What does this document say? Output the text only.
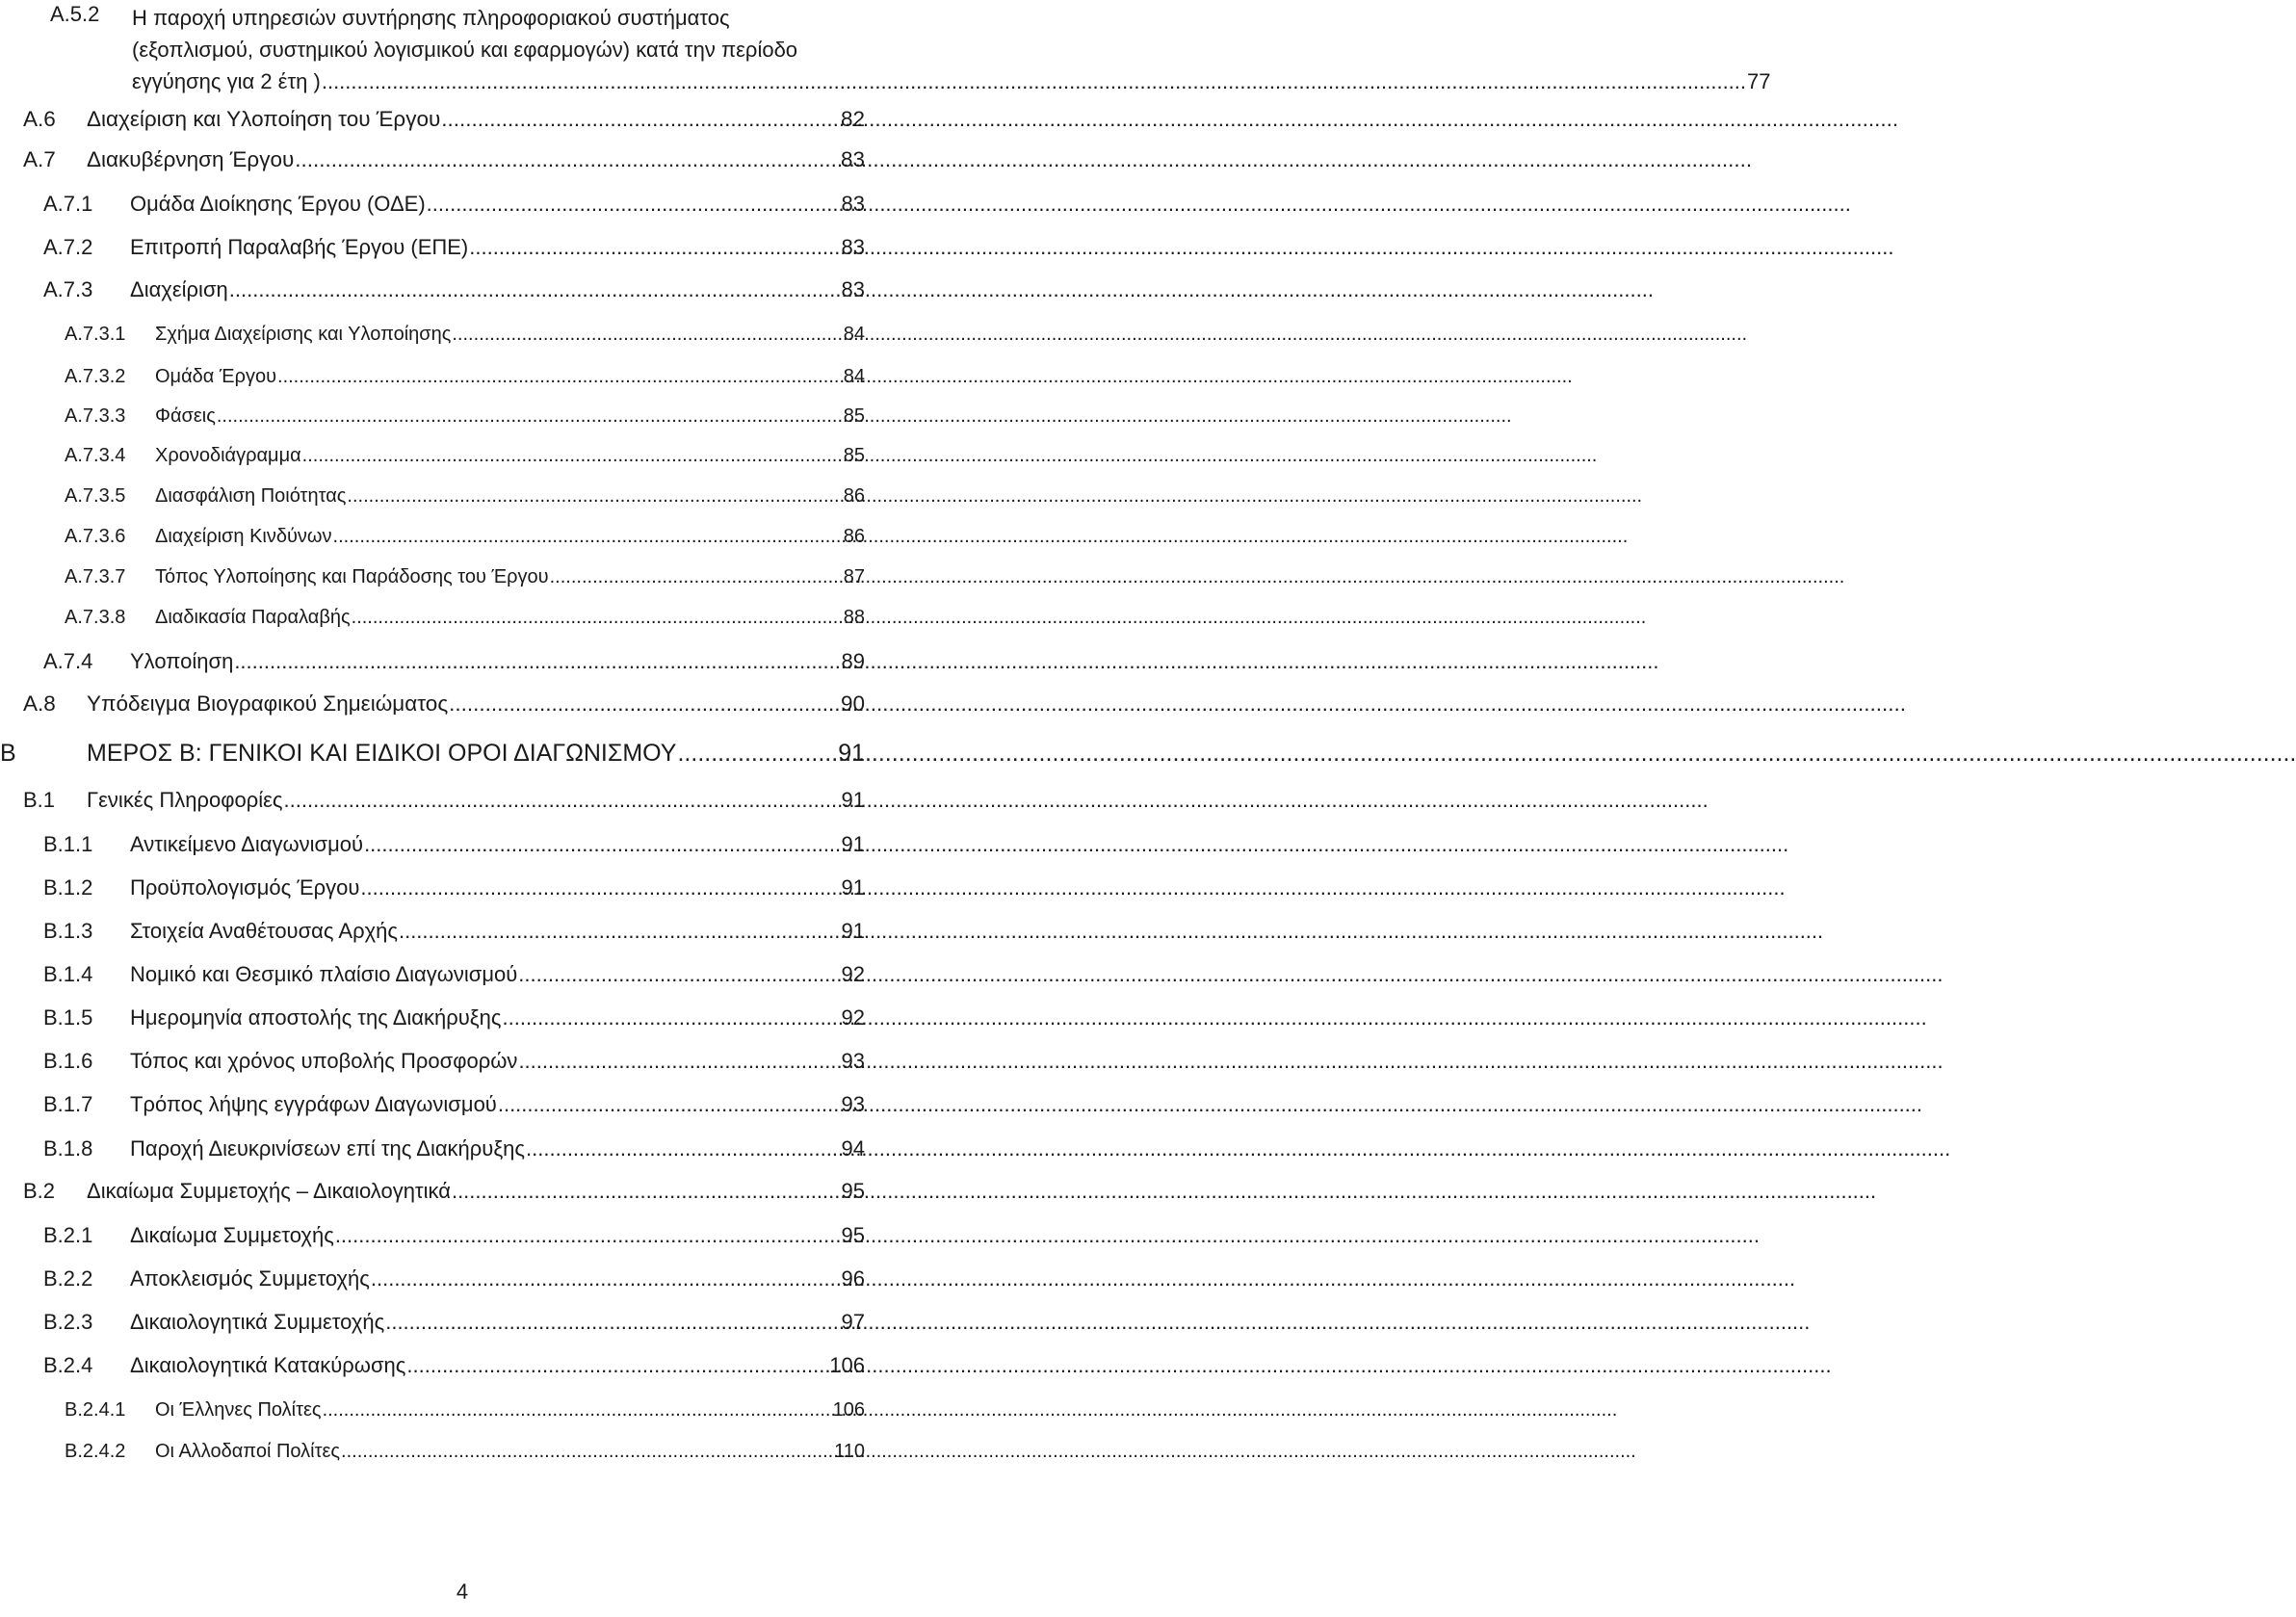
A.5.2	Η παροχή υπηρεσιών συντήρησης πληροφοριακού συστήματος
(εξοπλισμού, συστημικού λογισμικού και εφαρμογών) κατά την περίοδο
εγγύησης για 2 έτη ) .....	77
Α.6	Διαχείριση και Υλοποίηση του Έργου .....	82
Α.7	Διακυβέρνηση Έργου .....	83
Α.7.1	Ομάδα Διοίκησης Έργου (ΟΔΕ) .....	83
Α.7.2	Επιτροπή Παραλαβής Έργου (ΕΠΕ) .....	83
Α.7.3	Διαχείριση .....	83
Α.7.3.1	Σχήμα Διαχείρισης και Υλοποίησης .....	84
Α.7.3.2	Ομάδα Έργου .....	84
Α.7.3.3	Φάσεις .....	85
Α.7.3.4	Χρονοδιάγραμμα .....	85
Α.7.3.5	Διασφάλιση Ποιότητας .....	86
Α.7.3.6	Διαχείριση Κινδύνων .....	86
Α.7.3.7	Τόπος Υλοποίησης και Παράδοσης του Έργου .....	87
Α.7.3.8	Διαδικασία Παραλαβής .....	88
Α.7.4	Υλοποίηση .....	89
Α.8	Υπόδειγμα Βιογραφικού Σημειώματος .....	90
Β	ΜΕΡΟΣ Β: ΓΕΝΙΚΟΙ ΚΑΙ ΕΙΔΙΚΟΙ ΟΡΟΙ ΔΙΑΓΩΝΙΣΜΟΥ .....	91
Β.1	Γενικές Πληροφορίες .....	91
Β.1.1	Αντικείμενο Διαγωνισμού .....	91
Β.1.2	Προϋπολογισμός Έργου .....	91
Β.1.3	Στοιχεία Αναθέτουσας Αρχής .....	91
Β.1.4	Νομικό και Θεσμικό πλαίσιο Διαγωνισμού .....	92
Β.1.5	Ημερομηνία αποστολής της Διακήρυξης .....	92
Β.1.6	Τόπος και χρόνος υποβολής Προσφορών .....	93
Β.1.7	Τρόπος λήψης εγγράφων Διαγωνισμού .....	93
Β.1.8	Παροχή Διευκρινίσεων επί της Διακήρυξης .....	94
Β.2	Δικαίωμα Συμμετοχής – Δικαιολογητικά .....	95
Β.2.1	Δικαίωμα Συμμετοχής .....	95
Β.2.2	Αποκλεισμός Συμμετοχής .....	96
Β.2.3	Δικαιολογητικά Συμμετοχής .....	97
Β.2.4	Δικαιολογητικά Κατακύρωσης .....	106
Β.2.4.1	Οι Έλληνες Πολίτες .....	106
Β.2.4.2	Οι Αλλοδαποί Πολίτες .....	110
4
